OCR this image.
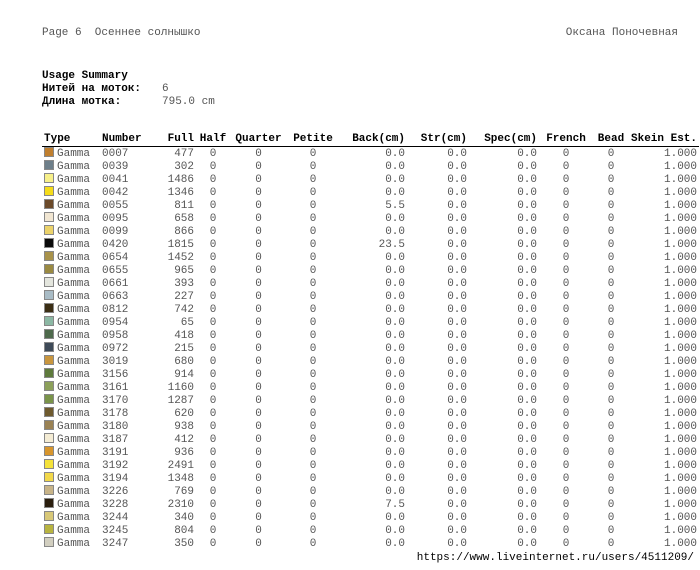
Page 6  Осеннее солнышко	Оксана Поночевная
Usage Summary
Нитей на моток:	6
Длина мотка:	795.0 cm
Type	Number	Full	Half	Quarter	Petite	Back(cm)	Str(cm)	Spec(cm)	French	Bead	Skein Est.
Gamma	0007	477	0	0	0	0.0	0.0	0.0	0	0	1.000
Gamma	0039	302	0	0	0	0.0	0.0	0.0	0	0	1.000
Gamma	0041	1486	0	0	0	0.0	0.0	0.0	0	0	1.000
Gamma	0042	1346	0	0	0	0.0	0.0	0.0	0	0	1.000
Gamma	0055	811	0	0	0	5.5	0.0	0.0	0	0	1.000
Gamma	0095	658	0	0	0	0.0	0.0	0.0	0	0	1.000
Gamma	0099	866	0	0	0	0.0	0.0	0.0	0	0	1.000
Gamma	0420	1815	0	0	0	23.5	0.0	0.0	0	0	1.000
Gamma	0654	1452	0	0	0	0.0	0.0	0.0	0	0	1.000
Gamma	0655	965	0	0	0	0.0	0.0	0.0	0	0	1.000
Gamma	0661	393	0	0	0	0.0	0.0	0.0	0	0	1.000
Gamma	0663	227	0	0	0	0.0	0.0	0.0	0	0	1.000
Gamma	0812	742	0	0	0	0.0	0.0	0.0	0	0	1.000
Gamma	0954	65	0	0	0	0.0	0.0	0.0	0	0	1.000
Gamma	0958	418	0	0	0	0.0	0.0	0.0	0	0	1.000
Gamma	0972	215	0	0	0	0.0	0.0	0.0	0	0	1.000
Gamma	3019	680	0	0	0	0.0	0.0	0.0	0	0	1.000
Gamma	3156	914	0	0	0	0.0	0.0	0.0	0	0	1.000
Gamma	3161	1160	0	0	0	0.0	0.0	0.0	0	0	1.000
Gamma	3170	1287	0	0	0	0.0	0.0	0.0	0	0	1.000
Gamma	3178	620	0	0	0	0.0	0.0	0.0	0	0	1.000
Gamma	3180	938	0	0	0	0.0	0.0	0.0	0	0	1.000
Gamma	3187	412	0	0	0	0.0	0.0	0.0	0	0	1.000
Gamma	3191	936	0	0	0	0.0	0.0	0.0	0	0	1.000
Gamma	3192	2491	0	0	0	0.0	0.0	0.0	0	0	1.000
Gamma	3194	1348	0	0	0	0.0	0.0	0.0	0	0	1.000
Gamma	3226	769	0	0	0	0.0	0.0	0.0	0	0	1.000
Gamma	3228	2310	0	0	0	7.5	0.0	0.0	0	0	1.000
Gamma	3244	340	0	0	0	0.0	0.0	0.0	0	0	1.000
Gamma	3245	804	0	0	0	0.0	0.0	0.0	0	0	1.000
Gamma	3247	350	0	0	0	0.0	0.0	0.0	0	0	1.000
https://www.liveinternet.ru/users/4511209/
